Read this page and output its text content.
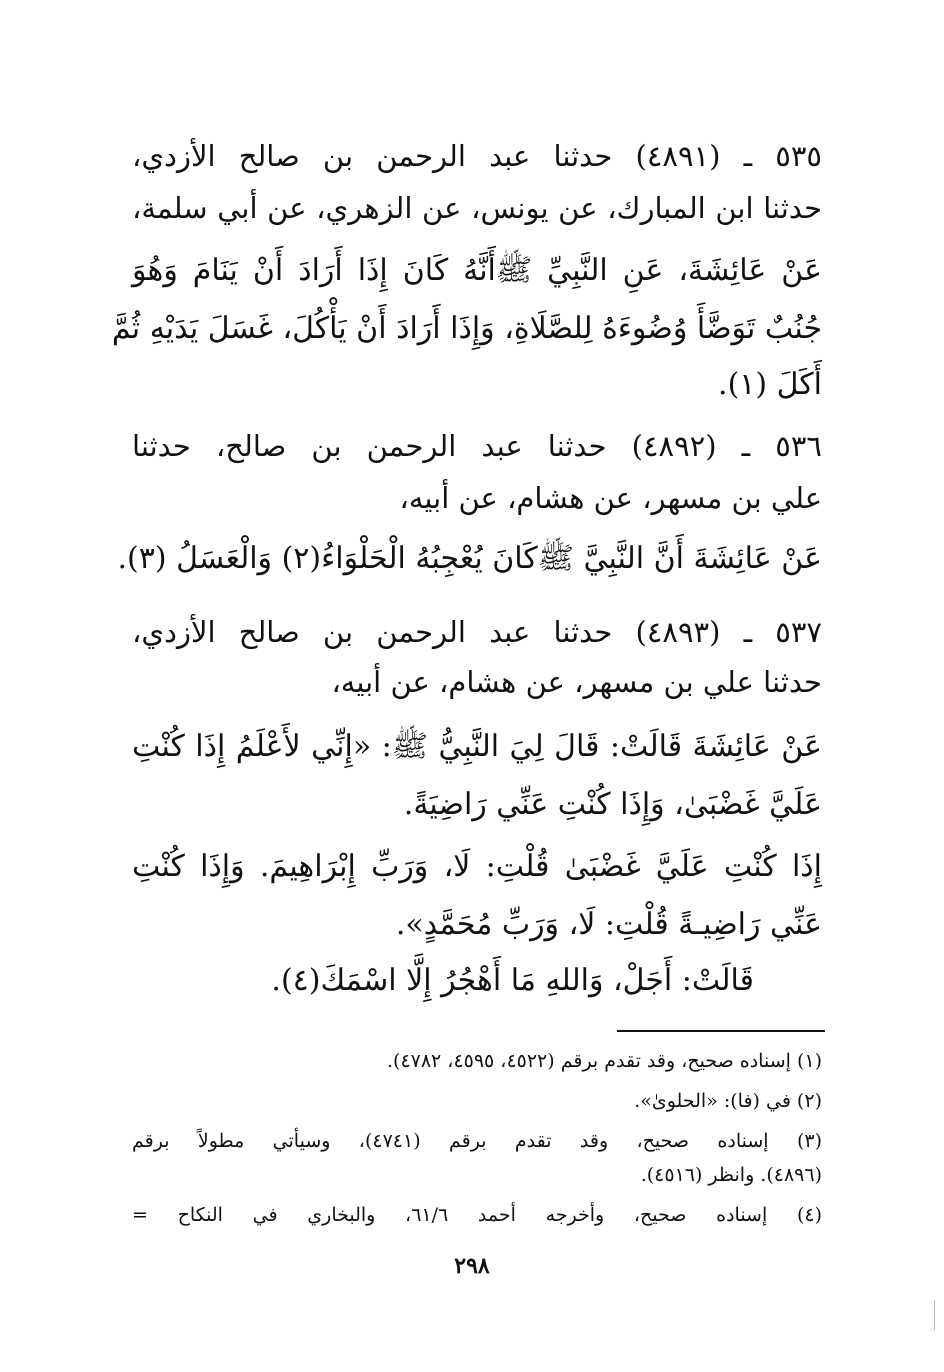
٥٣٥ ـ (٤٨٩١) حدثنا عبد الرحمن بن صالح الأزدي،
حدثنا ابن المبارك، عن يونس، عن الزهري، عن أبي سلمة،
عَنْ عَائِشَةَ، عَنِ النَّبِيِّ ﷺأَنَّهُ كَانَ إِذَا أَرَادَ أَنْ يَنَامَ وَهُوَ
جُنُبٌ تَوَضَّأَ وُضُوءَهُ لِلصَّلَاةِ، وَإِذَا أَرَادَ أَنْ يَأْكُلَ، غَسَلَ يَدَيْهِ ثُمَّ
أَكَلَ (١).
٥٣٦ ـ (٤٨٩٢) حدثنا عبد الرحمن بن صالح، حدثنا
علي بن مسهر، عن هشام، عن أبيه،
عَنْ عَائِشَةَ أَنَّ النَّبِيَّ ﷺكَانَ يُعْجِبُهُ الْحَلْوَاءُ(٢) وَالْعَسَلُ (٣).
٥٣٧ ـ (٤٨٩٣) حدثنا عبد الرحمن بن صالح الأزدي،
حدثنا علي بن مسهر، عن هشام، عن أبيه،
عَنْ عَائِشَةَ قَالَتْ: قَالَ لِيَ النَّبِيُّ ﷺ: «إِنِّي لأَعْلَمُ إِذَا كُنْتِ
عَلَيَّ غَضْبَىٰ، وَإِذَا كُنْتِ عَنِّي رَاضِيَةً.
إِذَا كُنْتِ عَلَيَّ غَضْبَىٰ قُلْتِ: لَا، وَرَبِّ إِبْرَاهِيمَ. وَإِذَا كُنْتِ
عَنِّي رَاضِيـةً قُلْتِ: لَا، وَرَبِّ مُحَمَّدٍ».
قَالَتْ: أَجَلْ، وَاللهِ مَا أَهْجُرُ إِلَّا اسْمَكَ(٤).
(١) إسناده صحيح، وقد تقدم برقم (٤٥٢٢، ٤٥٩٥، ٤٧٨٢).
(٢) في (فا): «الحلوىٰ».
(٣) إسناده صحيح، وقد تقدم برقم (٤٧٤١)، وسيأتي مطولاً برقم
(٤٨٩٦). وانظر (٤٥١٦).
(٤) إسناده صحيح، وأخرجه أحمد ٦١/٦، والبخاري في النكاح =
٢٩٨
